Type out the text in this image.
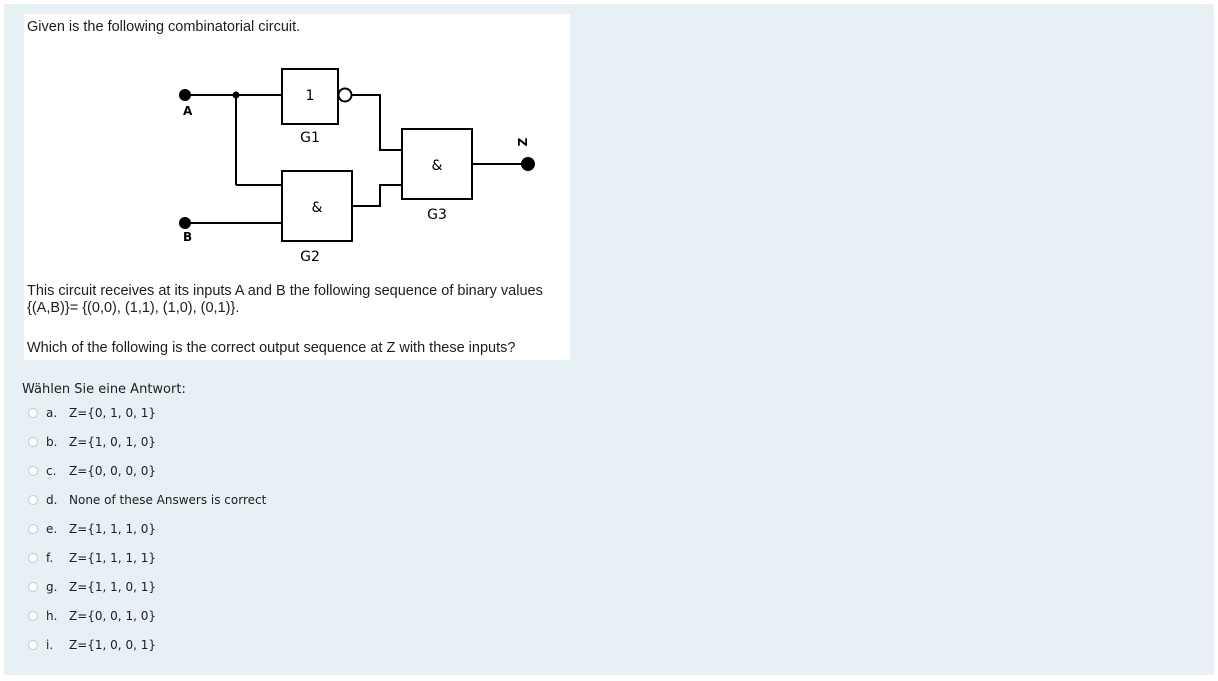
Given is the following combinatorial circuit.
A
B
Z
1
G1
&
G2
&
G3
This circuit receives at its inputs A and B the following sequence of binary values
{(A,B)}= {(0,0), (1,1), (1,0), (0,1)}.
Which of the following is the correct output sequence at Z with these inputs?
Wählen Sie eine Antwort:
a. Z={0, 1, 0, 1}
b. Z={1, 0, 1, 0}
c.	Z={0, 0, 0, 0}
d. None of these Answers is correct
e. Z={1, 1, 1, 0}
f.	Z={1, 1, 1, 1}
g. Z={1, 1, 0, 1}
h. Z={0, 0, 1, 0}
i.	Z={1, 0, 0, 1}
